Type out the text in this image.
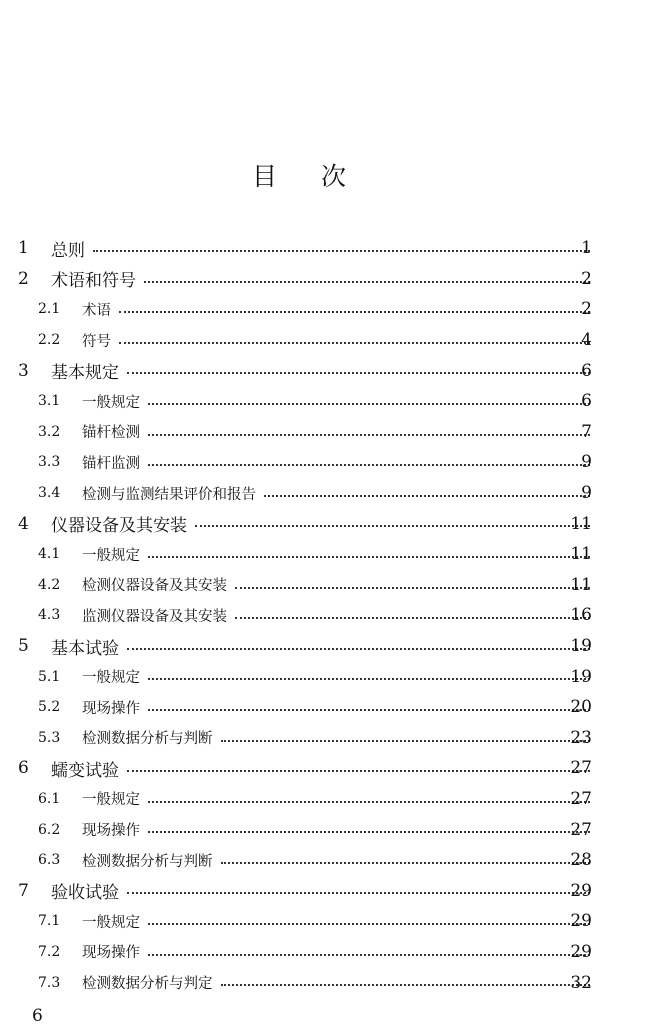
目 次
1 总则	1
2 术语和符号	2
2.1 术语	2
2.2 符号	4
3 基本规定	6
3.1 一般规定	6
3.2 锚杆检测	7
3.3 锚杆监测	9
3.4 检测与监测结果评价和报告	9
4 仪器设备及其安装	11
4.1 一般规定	11
4.2 检测仪器设备及其安装	11
4.3 监测仪器设备及其安装	16
5 基本试验	19
5.1 一般规定	19
5.2 现场操作	20
5.3 检测数据分析与判断	23
6 蠕变试验	27
6.1 一般规定	27
6.2 现场操作	27
6.3 检测数据分析与判断	28
7 验收试验	29
7.1 一般规定	29
7.2 现场操作	29
7.3 检测数据分析与判定	32
6
